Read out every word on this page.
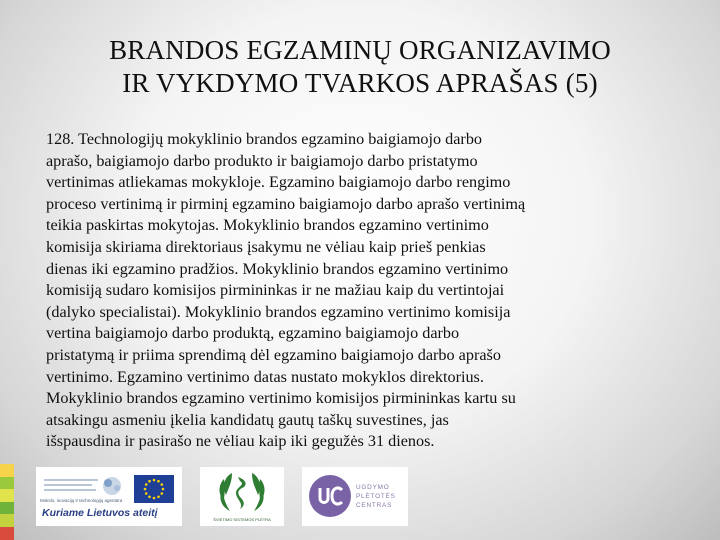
BRANDOS EGZAMINŲ ORGANIZAVIMO
IR VYKDYMO TVARKOS APRAŠAS (5)
128. Technologijų mokyklinio brandos egzamino baigiamojo darbo
aprašo, baigiamojo darbo produkto ir baigiamojo darbo pristatymo
vertinimas atliekamas mokykloje. Egzamino baigiamojo darbo rengimo
proceso vertinimą ir pirminį egzamino baigiamojo darbo aprašo vertinimą
teikia paskirtas mokytojas. Mokyklinio brandos egzamino vertinimo
komisija skiriama direktoriaus įsakymu ne vėliau kaip prieš penkias
dienas iki egzamino pradžios. Mokyklinio brandos egzamino vertinimo
komisiją sudaro komisijos pirmininkas ir ne mažiau kaip du vertintojai
(dalyko specialistai). Mokyklinio brandos egzamino vertinimo komisija
vertina baigiamojo darbo produktą, egzamino baigiamojo darbo
pristatymą ir priima sprendimą dėl egzamino baigiamojo darbo aprašo
vertinimo. Egzamino vertinimo datas nustato mokyklos direktorius.
Mokyklinio brandos egzamino vertinimo komisijos pirmininkas kartu su
atsakingu asmeniu įkelia kandidatų gautų taškų suvestines, jas
išspausdina ir pasirašo ne vėliau kaip iki gegužės 31 dienos.
Mokslo, inovacijų ir technologijų agentūra
Kuriame Lietuvos ateitį
ŠVIETIMO SISTEMOS PLĖTRA
UGDYMO
PLĖTOTĖS
CENTRAS
